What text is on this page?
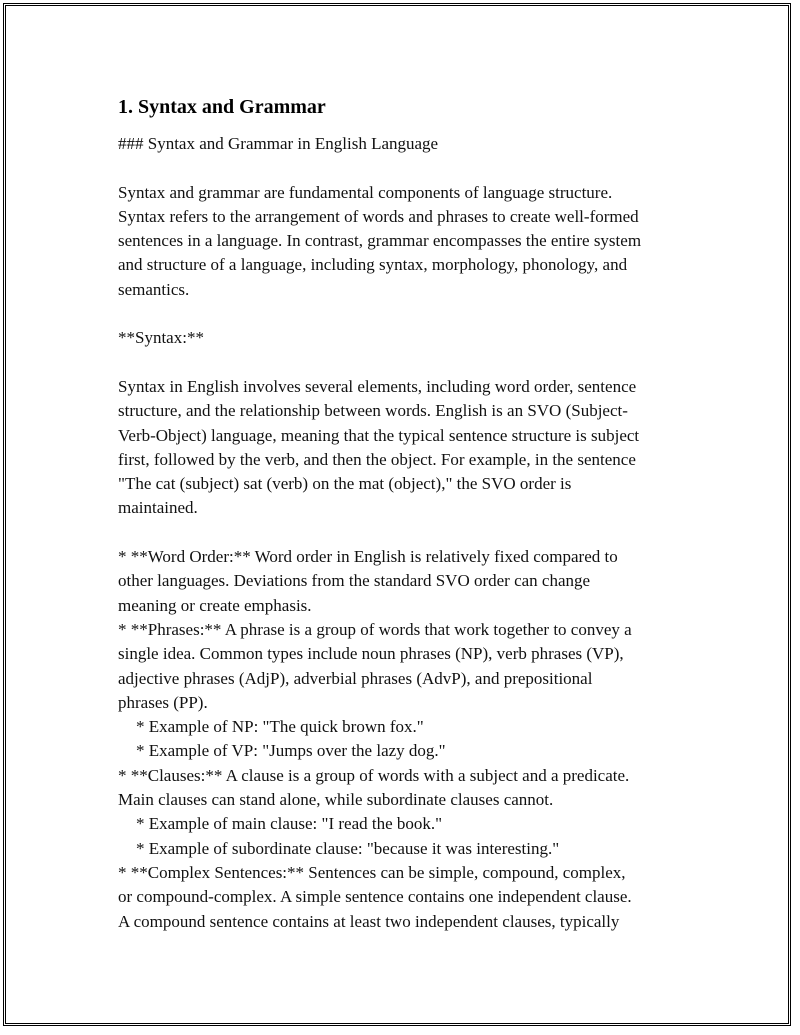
1. Syntax and Grammar

### Syntax and Grammar in English Language

Syntax and grammar are fundamental components of language structure.

Syntax refers to the arrangement of words and phrases to create well-formed

sentences in a language. In contrast, grammar encompasses the entire system

and structure of a language, including syntax, morphology, phonology, and

semantics.

**Syntax:**

Syntax in English involves several elements, including word order, sentence

structure, and the relationship between words. English is an SVO (Subject-

Verb-Object) language, meaning that the typical sentence structure is subject

first, followed by the verb, and then the object. For example, in the sentence

"The cat (subject) sat (verb) on the mat (object)," the SVO order is

maintained.

* **Word Order:** Word order in English is relatively fixed compared to

other languages. Deviations from the standard SVO order can change

meaning or create emphasis.

* **Phrases:** A phrase is a group of words that work together to convey a

single idea. Common types include noun phrases (NP), verb phrases (VP),

adjective phrases (AdjP), adverbial phrases (AdvP), and prepositional

phrases (PP).

* Example of NP: "The quick brown fox."

* Example of VP: "Jumps over the lazy dog."

* **Clauses:** A clause is a group of words with a subject and a predicate.

Main clauses can stand alone, while subordinate clauses cannot.

* Example of main clause: "I read the book."

* Example of subordinate clause: "because it was interesting."

* **Complex Sentences:** Sentences can be simple, compound, complex,

or compound-complex. A simple sentence contains one independent clause.

A compound sentence contains at least two independent clauses, typically
